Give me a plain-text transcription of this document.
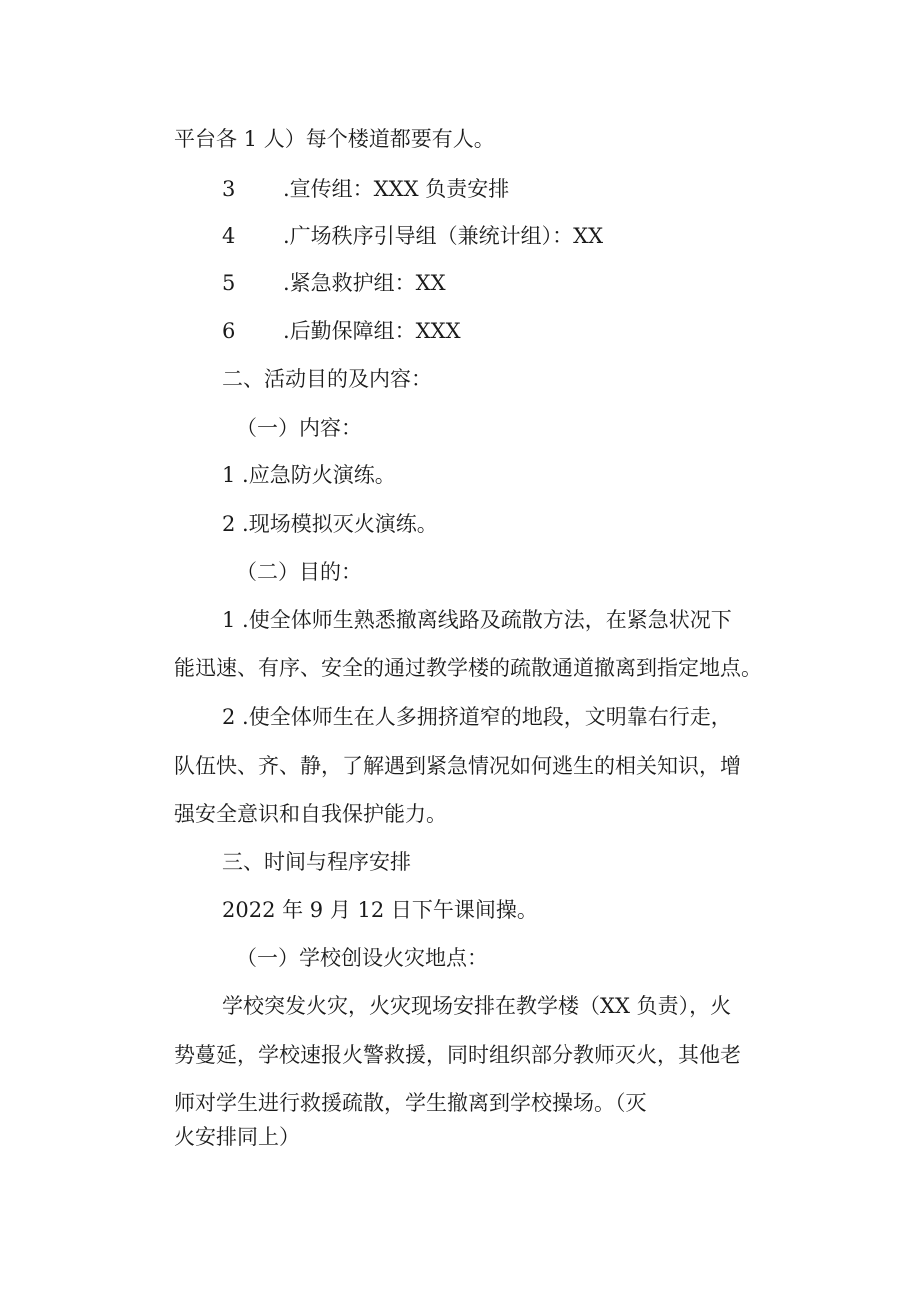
平台各 1 人）每个楼道都要有人。
3 .宣传组：XXX 负责安排
4 .广场秩序引导组（兼统计组）：XX
5 .紧急救护组：XX
6 .后勤保障组：XXX
二、活动目的及内容：
（一）内容：
1 .应急防火演练。
2 .现场模拟灭火演练。
（二）目的：
1 .使全体师生熟悉撤离线路及疏散方法，在紧急状况下
能迅速、有序、安全的通过教学楼的疏散通道撤离到指定地点。
2 .使全体师生在人多拥挤道窄的地段，文明靠右行走，
队伍快、齐、静，了解遇到紧急情况如何逃生的相关知识，增
强安全意识和自我保护能力。
三、时间与程序安排
2022 年 9 月 12 日下午课间操。
（一）学校创设火灾地点：
学校突发火灾，火灾现场安排在教学楼（XX 负责），火
势蔓延，学校速报火警救援，同时组织部分教师灭火，其他老
师对学生进行救援疏散，学生撤离到学校操场。（灭
火安排同上）
